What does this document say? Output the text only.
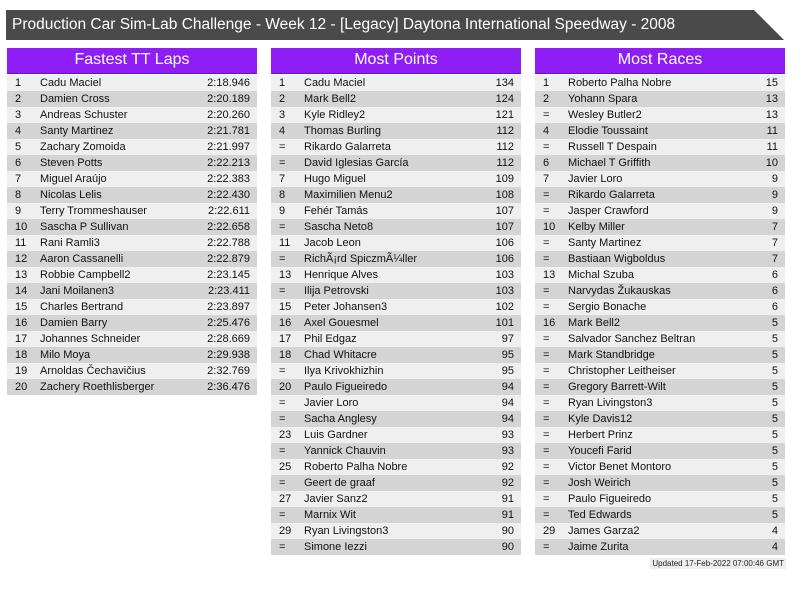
Production Car Sim-Lab Challenge - Week 12 - [Legacy] Daytona International Speedway - 2008
Fastest TT Laps
1	Cadu Maciel	2:18.946
2	Damien Cross	2:20.189
3	Andreas Schuster	2:20.260
4	Santy Martinez	2:21.781
5	Zachary Zomoida	2:21.997
6	Steven Potts	2:22.213
7	Miguel Araújo	2:22.383
8	Nicolas Lelis	2:22.430
9	Terry Trommeshauser	2:22.611
10	Sascha P Sullivan	2:22.658
11	Rani Ramli3	2:22.788
12	Aaron Cassanelli	2:22.879
13	Robbie Campbell2	2:23.145
14	Jani Moilanen3	2:23.411
15	Charles Bertrand	2:23.897
16	Damien Barry	2:25.476
17	Johannes Schneider	2:28.669
18	Milo Moya	2:29.938
19	Arnoldas Čechavičius	2:32.769
20	Zachery Roethlisberger	2:36.476
Most Points
1	Cadu Maciel	134
2	Mark Bell2	124
3	Kyle Ridley2	121
4	Thomas Burling	112
=	Rikardo Galarreta	112
=	David Iglesias García	112
7	Hugo Miguel	109
8	Maximilien Menu2	108
9	Fehér Tamás	107
=	Sascha Neto8	107
11	Jacob Leon	106
=	RichÃ¡rd SpiczmÃ¼ller	106
13	Henrique Alves	103
=	Ilija Petrovski	103
15	Peter Johansen3	102
16	Axel Gouesmel	101
17	Phil Edgaz	97
18	Chad Whitacre	95
=	Ilya Krivokhizhin	95
20	Paulo Figueiredo	94
=	Javier Loro	94
=	Sacha Anglesy	94
23	Luis Gardner	93
=	Yannick Chauvin	93
25	Roberto Palha Nobre	92
=	Geert de graaf	92
27	Javier Sanz2	91
=	Marnix Wit	91
29	Ryan Livingston3	90
=	Simone Iezzi	90
Most Races
1	Roberto Palha Nobre	15
2	Yohann Spara	13
=	Wesley Butler2	13
4	Elodie Toussaint	11
=	Russell T Despain	11
6	Michael T Griffith	10
7	Javier Loro	9
=	Rikardo Galarreta	9
=	Jasper Crawford	9
10	Kelby Miller	7
=	Santy Martinez	7
=	Bastiaan Wigboldus	7
13	Michal Szuba	6
=	Narvydas Žukauskas	6
=	Sergio Bonache	6
16	Mark Bell2	5
=	Salvador Sanchez Beltran	5
=	Mark Standbridge	5
=	Christopher Leitheiser	5
=	Gregory Barrett-Wilt	5
=	Ryan Livingston3	5
=	Kyle Davis12	5
=	Herbert Prinz	5
=	Youcefi Farid	5
=	Victor Benet Montoro	5
=	Josh Weirich	5
=	Paulo Figueiredo	5
=	Ted Edwards	5
29	James Garza2	4
=	Jaime Zurita	4
Updated 17-Feb-2022 07:00:46 GMT
